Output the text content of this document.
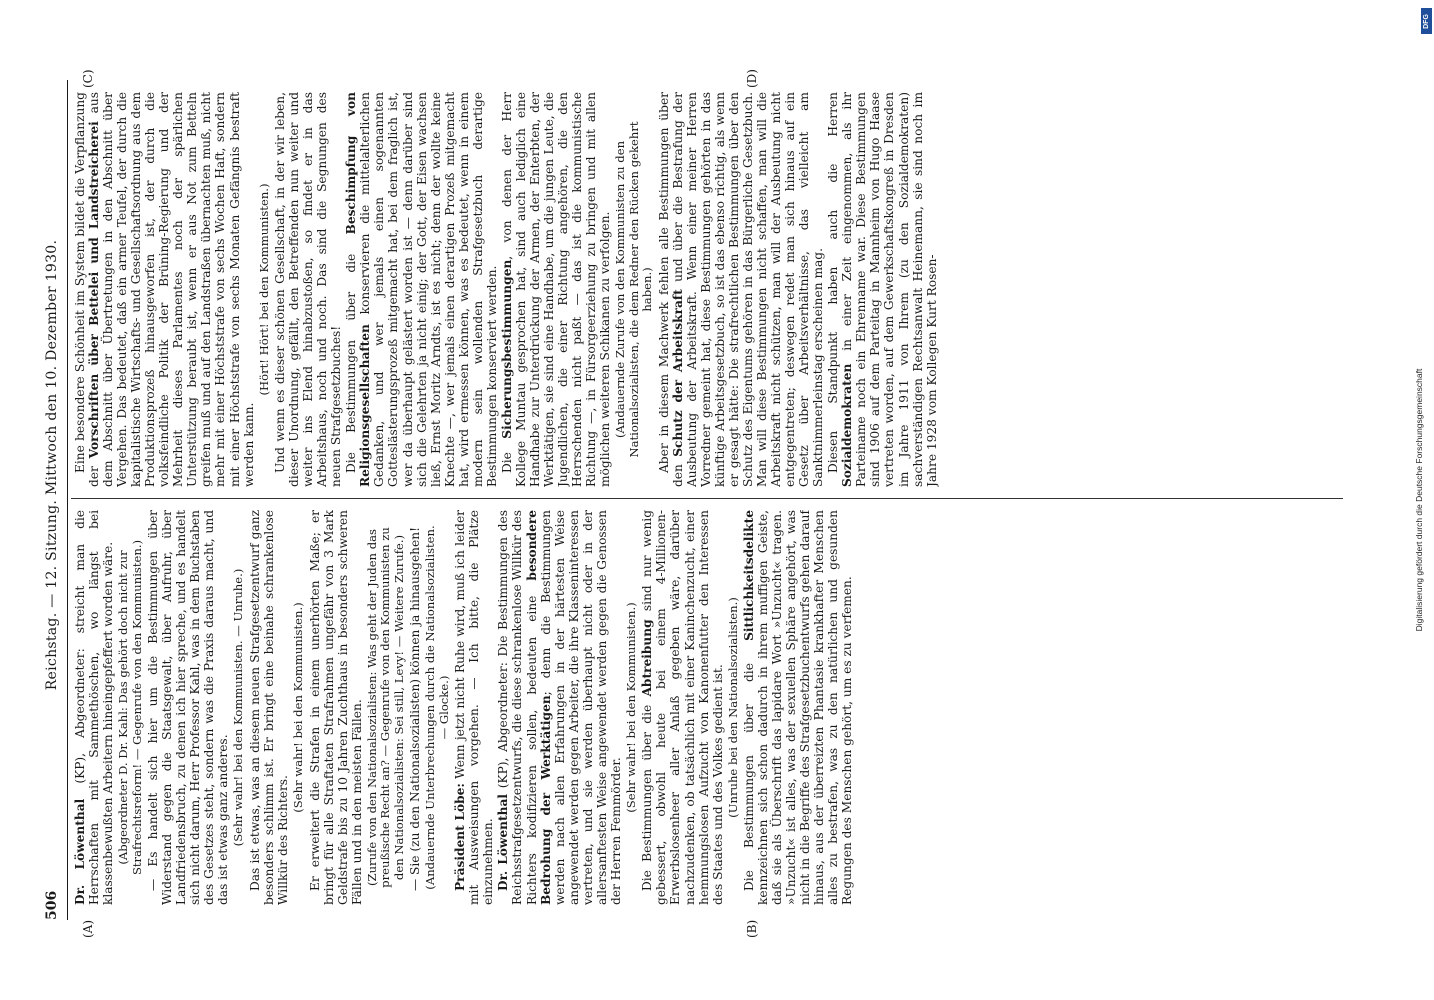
506
Reichstag. — 12. Sitzung. Mittwoch den 10. Dezember 1930.
(A)	(B)
(C)	(D)

Dr. Löwenthal (KP), Abgeordneter: streicht man die Herrschaften mit Sammethöschen, wo längst bei klassenbewußten Arbeitern hineingepfeffert worden wäre. (Abgeordneter D. Dr. Kahl: Das gehört doch nicht zur Strafrechtsreform! — Gegenrufe von den Kommunisten.) — Es handelt sich hier um die Bestimmungen über Widerstand gegen die Staatsgewalt, über Aufruhr, über Landfriedensbruch, zu denen ich hier spreche, und es handelt sich nicht darum, Herr Professor Kahl, was in dem Buchstaben des Gesetzes steht, sondern was die Praxis daraus macht, und das ist etwas ganz anderes. (Sehr wahr! bei den Kommunisten. — Unruhe.) Das ist etwas, was an diesem neuen Strafgesetzentwurf ganz besonders schlimm ist. Er bringt eine beinahe schrankenlose Willkür des Richters.

(Sehr wahr! bei den Kommunisten.) Er erweitert die Strafen in einem unerhörten Maße; er bringt für alle Straftaten Strafrahmen ungefähr von 3 Mark Geldstrafe bis zu 10 Jahren Zuchthaus in besonders schweren Fällen und in den meisten Fällen. (Zurufe von den Nationalsozialisten: Was geht der Juden das preußische Recht an? — Gegenrufe von den Kommunisten zu den Nationalsozialisten: Sei still, Levy! — Weitere Zurufe.) — Sie (zu den Nationalsozialisten) können ja hinausgehen! (Andauernde Unterbrechungen durch die Nationalsozialisten. — Glocke.)

Präsident Löbe: Wenn jetzt nicht Ruhe wird, muß ich leider mit Ausweisungen vorgehen. — Ich bitte, die Plätze einzunehmen. Dr. Löwenthal (KP), Abgeordneter: Die Bestimmungen des Reichsstrafgesetzentwurfs, die diese schrankenlose Willkür des Richters kodifizieren sollen, bedeuten eine besondere Bedrohung der Werktätigen; denn die Bestimmungen werden nach allen Erfahrungen in der härtesten Weise angewendet werden gegen Arbeiter, die ihre Klasseninteressen vertreten, und sie werden überhaupt nicht oder in der allersanftesten Weise angewendet werden gegen die Genossen der Herren Femmörder.

(Sehr wahr! bei den Kommunisten.) Die Bestimmungen über die Abtreibung sind nur wenig gebessert, obwohl heute bei einem 4-Millionen-Erwerbslosenheer aller Anlaß gegeben wäre, darüber nachzudenken, ob tatsächlich mit einer Kaninchenzucht, einer hemmungslosen Aufzucht von Kanonenfutter den Interessen des Staates und des Volkes gedient ist. (Unruhe bei den Nationalsozialisten.) Die Bestimmungen über die Sittlichkeitsdelikte kennzeichnen sich schon dadurch in ihrem muffigen Geiste, daß sie als Überschrift das lapidare Wort »Unzucht« tragen. »Unzucht« ist alles, was der sexuellen Sphäre angehört, was nicht in die Begriffe des Strafgesetzbuchentwurfs gehen darauf hinaus, aus der überreizten Phantasie krankhafter Menschen alles zu bestrafen, was zu den natürlichen und gesunden Regungen des Menschen gehört, um es zu verfemen.

Eine besondere Schönheit im System bildet die Verpflanzung der Vorschriften über Bettelei und Landstreicherei aus dem Abschnitt über Übertretungen in den Abschnitt über Vergehen. Das bedeutet, daß ein armer Teufel, der durch die kapitalistische Wirtschafts- und Gesellschaftsordnung aus dem Produktionsprozeß hinausgeworfen ist, der durch die volksfeindliche Politik der Brüning-Regierung und der Mehrheit dieses Parlamentes noch der spärlichen Unterstützung beraubt ist, wenn er aus Not zum Betteln greifen muß und auf den Landstraßen übernachten muß, nicht mehr mit einer Höchststrafe von sechs Wochen Haft, sondern mit einer Höchststrafe von sechs Monaten Gefängnis bestraft werden kann.

(Hört! Hört! bei den Kommunisten.) Und wenn es dieser schönen Gesellschaft, in der wir leben, dieser Unordnung, gefällt, den Betreffenden nun weiter und weiter ins Elend hinabzustoßen, so findet er in das Arbeitshaus, noch und noch. Das sind die Segnungen des neuen Strafgesetzbuches! Die Bestimmungen über die Beschimpfung von Religionsgesellschaften konservieren die mittelalterlichen Gedanken, und wer jemals einen sogenannten Gotteslästerungsprozeß mitgemacht hat, bei dem fraglich ist, wer da überhaupt gelästert worden ist — denn darüber sind sich die Gelehrten ja nicht einig; der Gott, der Eisen wachsen ließ, Ernst Moritz Arndts, ist es nicht; denn der wollte keine Knechte —, wer jemals einen derartigen Prozeß mitgemacht hat, wird ermessen können, was es bedeutet, wenn in einem modern sein wollenden Strafgesetzbuch derartige Bestimmungen konserviert werden. Die Sicherungsbestimmungen, von denen der Herr Kollege Muntau gesprochen hat, sind auch lediglich eine Handhabe zur Unterdrückung der Armen, der Enterbten, der Werktätigen, sie sind eine Handhabe, um die jungen Leute, die Jugendlichen, die einer Richtung angehören, die den Herrschenden nicht paßt — das ist die kommunistische Richtung —, in Fürsorgeerziehung zu bringen und mit allen möglichen weiteren Schikanen zu verfolgen. (Andauernde Zurufe von den Kommunisten zu den Nationalsozialisten, die dem Redner den Rücken gekehrt haben.) Aber in diesem Machwerk fehlen alle Bestimmungen über den Schutz der Arbeitskraft und über die Bestrafung der Ausbeutung der Arbeitskraft. Wenn einer meiner Herren Vorredner gemeint hat, diese Bestimmungen gehörten in das künftige Arbeitsgesetzbuch, so ist das ebenso richtig, als wenn er gesagt hätte: Die strafrechtlichen Bestimmungen über den Schutz des Eigentums gehören in das Bürgerliche Gesetzbuch. Man will diese Bestimmungen nicht schaffen, man will die Arbeitskraft nicht schützen, man will der Ausbeutung nicht entgegentreten; deswegen redet man sich hinaus auf ein Gesetz über Arbeitsverhältnisse, das vielleicht am Sanktnimmerleinstag erscheinen mag. Diesen Standpunkt haben auch die Herren Sozialdemokraten in einer Zeit eingenommen, als ihr Parteiname noch ein Ehrenname war. Diese Bestimmungen sind 1906 auf dem Parteitag in Mannheim von Hugo Haase vertreten worden, auf dem Gewerkschaftskongreß in Dresden im Jahre 1911 von Ihrem (zu den Sozialdemokraten) sachverständigen Rechtsanwalt Heinemann, sie sind noch im Jahre 1928 vom Kollegen Kurt Rosen-

DFG
Digitalisierung gefördert durch die Deutsche Forschungsgemeinschaft
